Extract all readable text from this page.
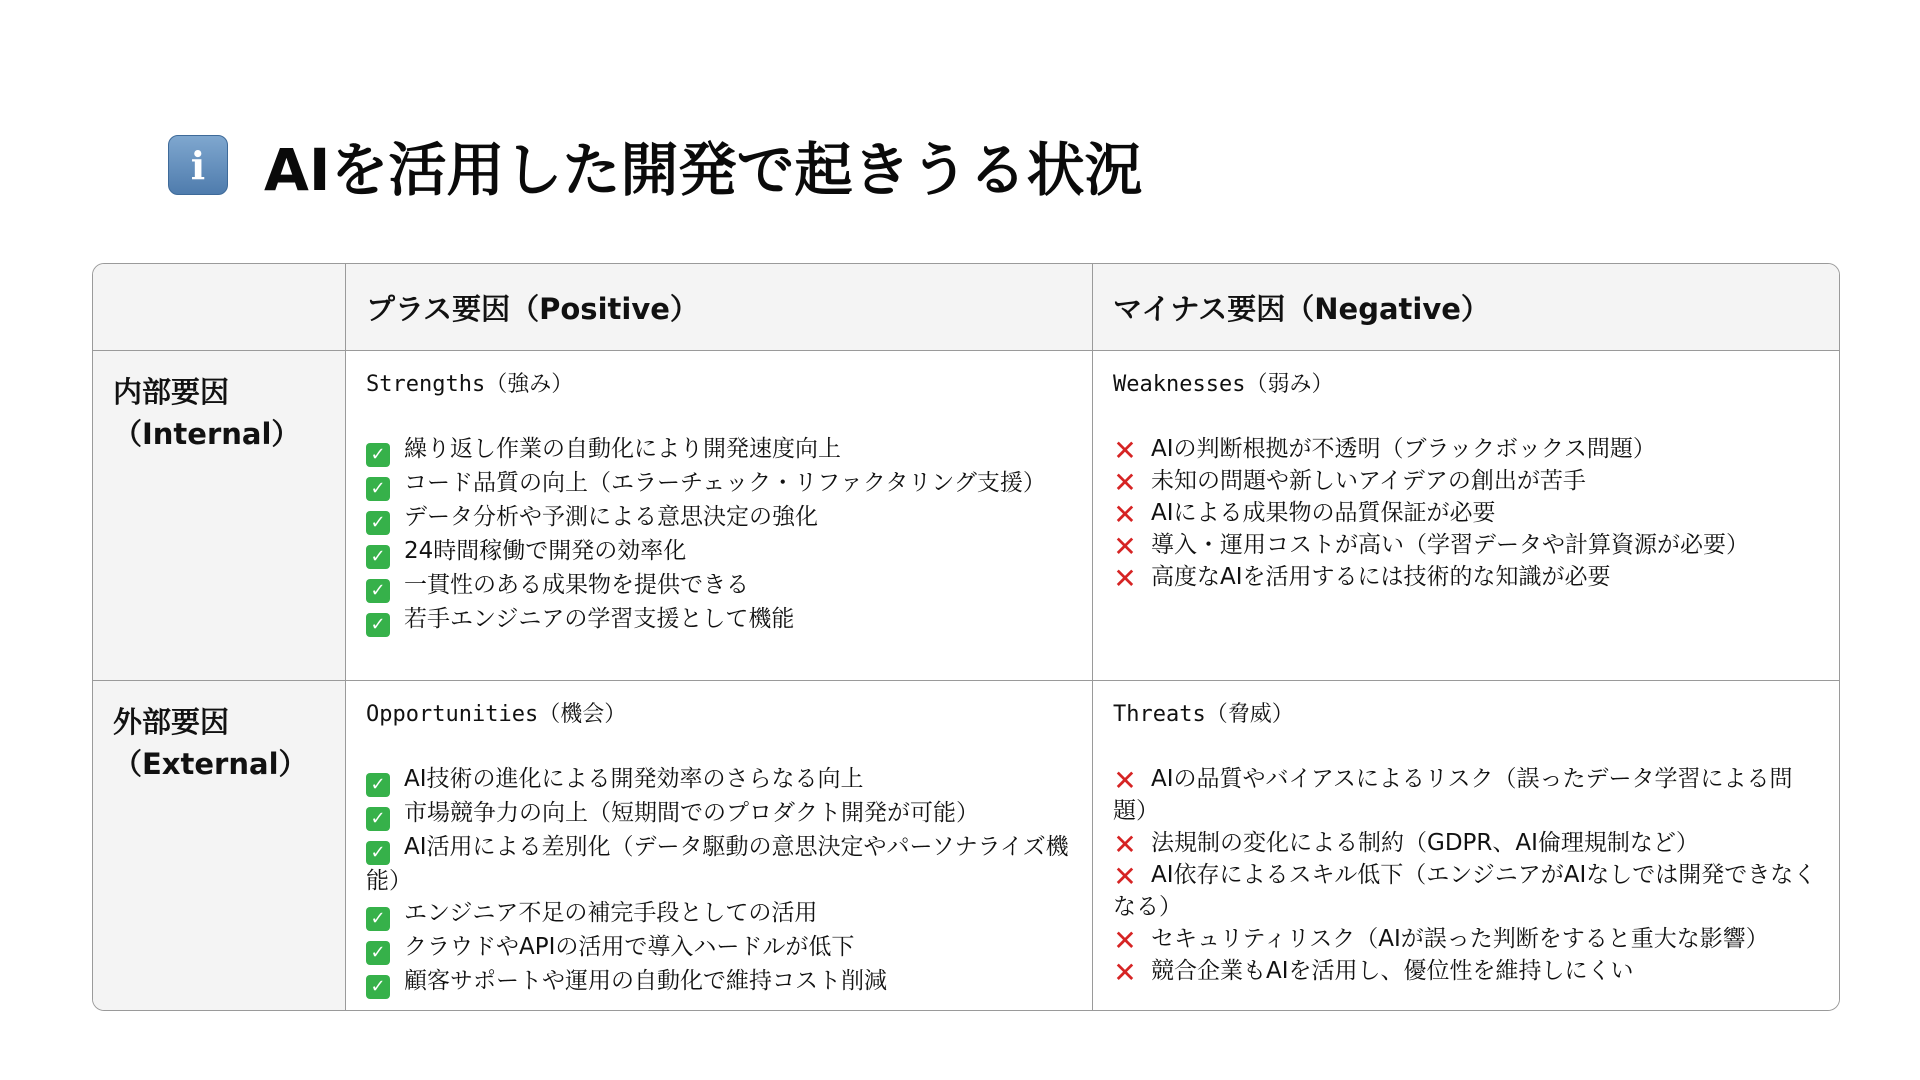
i	AIを活用した開発で起きうる状況
プラス要因（Positive）	マイナス要因（Negative）
内部要因
（Internal）
Strengths（強み）
✓ 繰り返し作業の自動化により開発速度向上
✓ コード品質の向上（エラーチェック・リファクタリング支援）
✓ データ分析や予測による意思決定の強化
✓ 24時間稼働で開発の効率化
✓ 一貫性のある成果物を提供できる
✓ 若手エンジニアの学習支援として機能
Weaknesses（弱み）
✕ AIの判断根拠が不透明（ブラックボックス問題）
✕ 未知の問題や新しいアイデアの創出が苦手
✕ AIによる成果物の品質保証が必要
✕ 導入・運用コストが高い（学習データや計算資源が必要）
✕ 高度なAIを活用するには技術的な知識が必要
外部要因
（External）
Opportunities（機会）
✓ AI技術の進化による開発効率のさらなる向上
✓ 市場競争力の向上（短期間でのプロダクト開発が可能）
✓ AI活用による差別化（データ駆動の意思決定やパーソナライズ機能）
✓ エンジニア不足の補完手段としての活用
✓ クラウドやAPIの活用で導入ハードルが低下
✓ 顧客サポートや運用の自動化で維持コスト削減
Threats（脅威）
✕ AIの品質やバイアスによるリスク（誤ったデータ学習による問題）
✕ 法規制の変化による制約（GDPR、AI倫理規制など）
✕ AI依存によるスキル低下（エンジニアがAIなしでは開発できなくなる）
✕ セキュリティリスク（AIが誤った判断をすると重大な影響）
✕ 競合企業もAIを活用し、優位性を維持しにくい
